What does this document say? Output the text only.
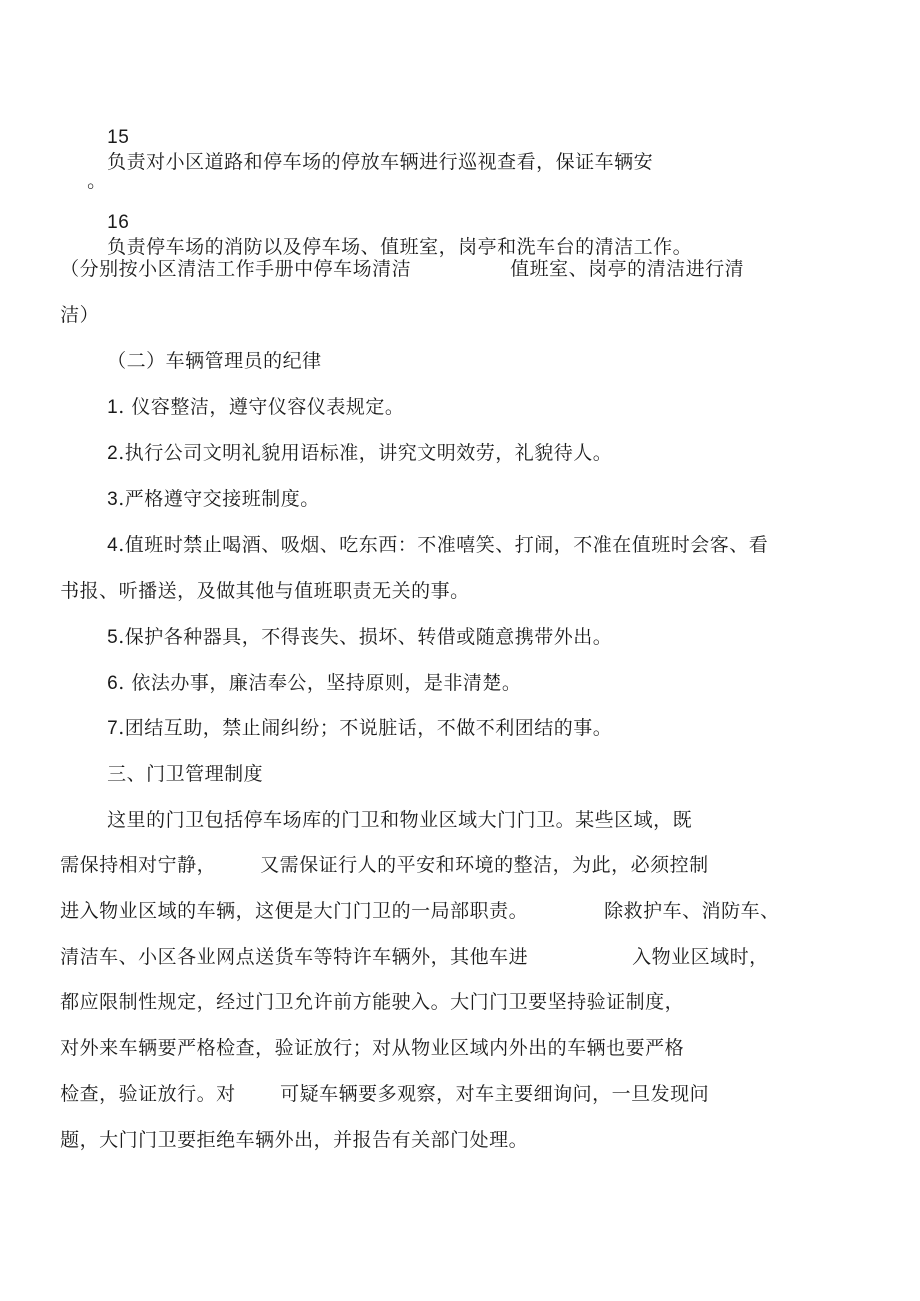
15
负责对小区道路和停车场的停放车辆进行巡视查看，保证车辆安

。

16
负责停车场的消防以及停车场、值班室，岗亭和洗车台的清洁工作。

（分别按小区清洁工作手册中停车场清洁
	值班室、岗亭的清洁进行清

洁）

（二）车辆管理员的纪律

1. 仪容整洁，遵守仪容仪表规定。

2.执行公司文明礼貌用语标准，讲究文明效劳，礼貌待人。

3.严格遵守交接班制度。

4.值班时禁止喝酒、吸烟、吃东西：不准嘻笑、打闹，不准在值班时会客、看

书报、听播送，及做其他与值班职责无关的事。

5.保护各种器具，不得丧失、损坏、转借或随意携带外出。

6. 依法办事，廉洁奉公，坚持原则，是非清楚。

7.团结互助，禁止闹纠纷；不说脏话，不做不利团结的事。

三、门卫管理制度

这里的门卫包括停车场库的门卫和物业区域大门门卫。某些区域，既

需保持相对宁静，
	又需保证行人的平安和环境的整洁，为此，必须控制

进入物业区域的车辆，这便是大门门卫的一局部职责。
	除救护车、消防车、

清洁车、小区各业网点送货车等特许车辆外，其他车进
	入物业区域时，

都应限制性规定，经过门卫允许前方能驶入。大门门卫要坚持验证制度，

对外来车辆要严格检查，验证放行；对从物业区域内外出的车辆也要严格

检查，验证放行。对
	可疑车辆要多观察，对车主要细询问，一旦发现问

题，大门门卫要拒绝车辆外出，并报告有关部门处理。
